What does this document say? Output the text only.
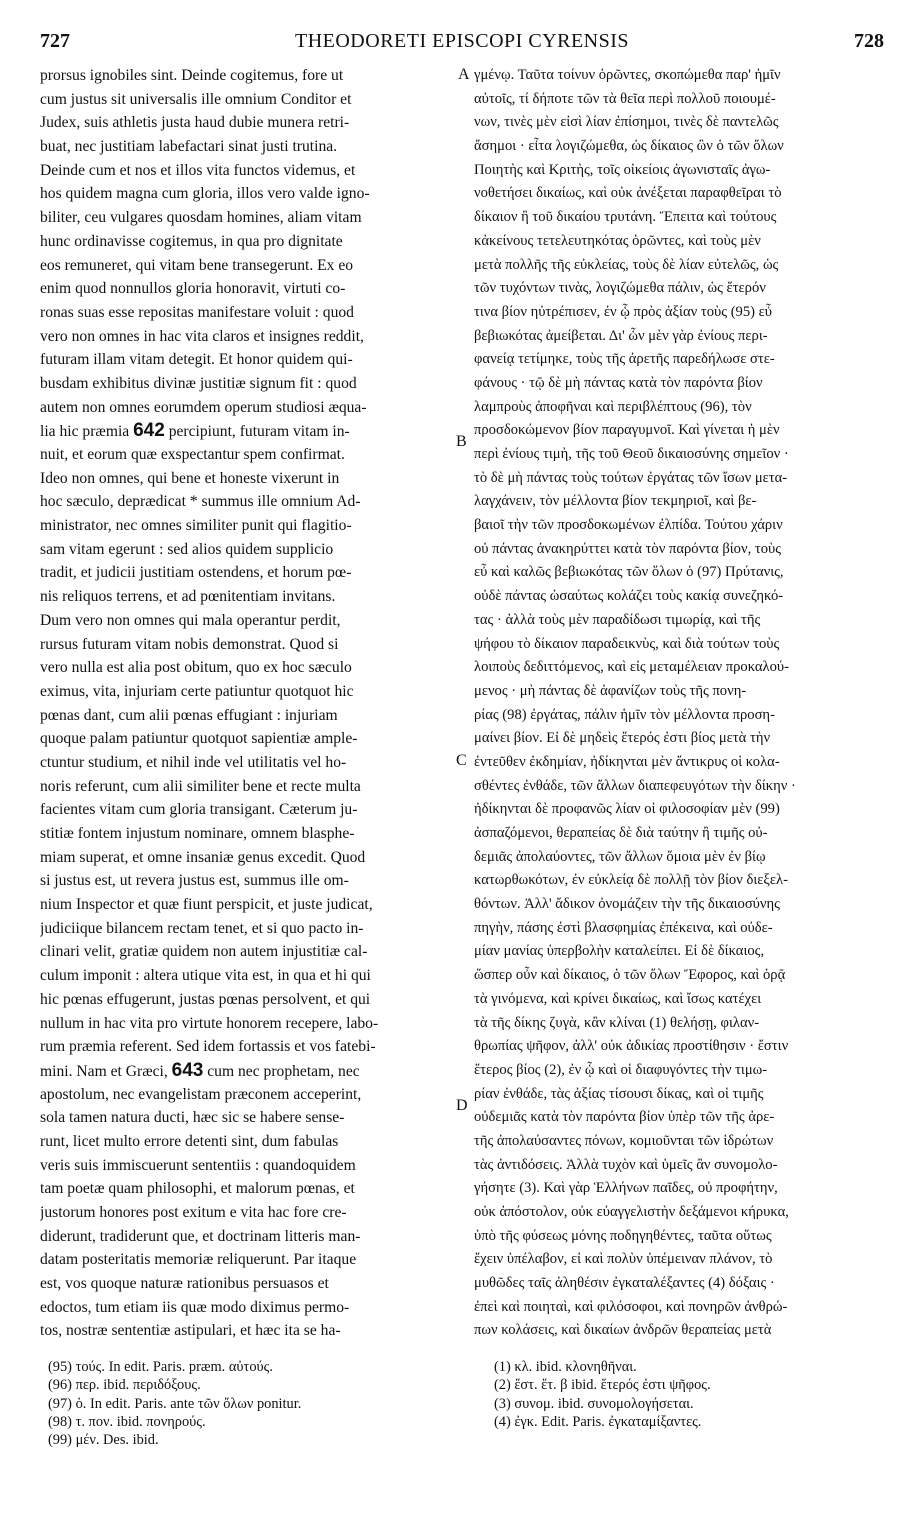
727	THEODORETI EPISCOPI CYRENSIS	728
prorsus ignobiles sint. Deinde cogitemus, fore ut
cum justus sit universalis ille omnium Conditor et
Judex, suis athletis justa haud dubie munera retri-
buat, nec justitiam labefactari sinat justi trutina.
Deinde cum et nos et illos vita functos videmus, et
hos quidem magna cum gloria, illos vero valde igno-
biliter, ceu vulgares quosdam homines, aliam vitam
hunc ordinavisse cogitemus, in qua pro dignitate
eos remuneret, qui vitam bene transegerunt. Ex eo
enim quod nonnullos gloria honoravit, virtuti co-
ronas suas esse repositas manifestare voluit : quod
vero non omnes in hac vita claros et insignes reddit,
futuram illam vitam detegit. Et honor quidem qui-
busdam exhibitus divinæ justitiæ signum fit : quod
autem non omnes eorumdem operum studiosi æqua-
lia hic præmia 642 percipiunt, futuram vitam in-
nuit, et eorum quæ exspectantur spem confirmat.
Ideo non omnes, qui bene et honeste vixerunt in
hoc sæculo, deprædicat * summus ille omnium Ad-
ministrator, nec omnes similiter punit qui flagitio-
sam vitam egerunt : sed alios quidem supplicio
tradit, et judicii justitiam ostendens, et horum pœ-
nis reliquos terrens, et ad pœnitentiam invitans.
Dum vero non omnes qui mala operantur perdit,
rursus futuram vitam nobis demonstrat. Quod si
vero nulla est alia post obitum, quo ex hoc sæculo
eximus, vita, injuriam certe patiuntur quotquot hic
pœnas dant, cum alii pœnas effugiant : injuriam
quoque palam patiuntur quotquot sapientiæ ample-
ctuntur studium, et nihil inde vel utilitatis vel ho-
noris referunt, cum alii similiter bene et recte multa
facientes vitam cum gloria transigant. Cæterum ju-
stitiæ fontem injustum nominare, omnem blasphe-
miam superat, et omne insaniæ genus excedit. Quod
si justus est, ut revera justus est, summus ille om-
nium Inspector et quæ fiunt perspicit, et juste judicat,
judiciique bilancem rectam tenet, et si quo pacto in-
clinari velit, gratiæ quidem non autem injustitiæ cal-
culum imponit : altera utique vita est, in qua et hi qui
hic pœnas effugerunt, justas pœnas persolvent, et qui
nullum in hac vita pro virtute honorem recepere, labo-
rum præmia referent. Sed idem fortassis et vos fatebi-
mini. Nam et Græci, 643 cum nec prophetam, nec
apostolum, nec evangelistam præconem acceperint,
sola tamen natura ducti, hæc sic se habere sense-
runt, licet multo errore detenti sint, dum fabulas
veris suis immiscuerunt sententiis : quandoquidem
tam poetæ quam philosophi, et malorum pœnas, et
justorum honores post exitum e vita hac fore cre-
diderunt, tradiderunt que, et doctrinam litteris man-
datam posteritatis memoriæ reliquerunt. Par itaque
est, vos quoque naturæ rationibus persuasos et
edoctos, tum etiam iis quæ modo diximus permo-
tos, nostræ sententiæ astipulari, et hæc ita se ha-
γμένῳ. Ταῦτα τοίνυν ὁρῶντες, σκοπώμεθα παρ' ἡμῖν
αὐτοῖς, τί δήποτε τῶν τὰ θεῖα περὶ πολλοῦ ποιουμέ-
νων, τινὲς μὲν εἰσὶ λίαν ἐπίσημοι, τινὲς δὲ παντελῶς
ἄσημοι · εἶτα λογιζώμεθα, ὡς δίκαιος ὢν ὁ τῶν ὅλων
Ποιητὴς καὶ Κριτὴς, τοῖς οἰκείοις ἀγωνισταῖς ἀγω-
νοθετήσει δικαίως, καὶ οὐκ ἀνέξεται παραφθεῖραι τὸ
δίκαιον ἢ τοῦ δικαίου τρυτάνη. Ἔπειτα καὶ τούτους
κἀκείνους τετελευτηκότας ὁρῶντες, καὶ τοὺς μὲν
μετὰ πολλῆς τῆς εὐκλείας, τοὺς δὲ λίαν εὐτελῶς, ὡς
τῶν τυχόντων τινὰς, λογιζώμεθα πάλιν, ὡς ἕτερόν
τινα βίον ηὐτρέπισεν, ἐν ᾧ πρὸς ἀξίαν τοὺς (95) εὖ
βεβιωκότας ἀμείβεται. Δι' ὧν μὲν γὰρ ἐνίους περι-
φανείᾳ τετίμηκε, τοὺς τῆς ἀρετῆς παρεδήλωσε στε-
φάνους · τῷ δὲ μὴ πάντας κατὰ τὸν παρόντα βίον
λαμπροὺς ἀποφῆναι καὶ περιβλέπτους (96), τὸν
προσδοκώμενον βίον παραγυμνοῖ. Καὶ γίνεται ἡ μὲν
περὶ ἐνίους τιμὴ, τῆς τοῦ Θεοῦ δικαιοσύνης σημεῖον ·
τὸ δὲ μὴ πάντας τοὺς τούτων ἐργάτας τῶν ἴσων μετα-
λαγχάνειν, τὸν μέλλοντα βίον τεκμηριοῖ, καὶ βε-
βαιοῖ τὴν τῶν προσδοκωμένων ἐλπίδα. Τούτου χάριν
οὐ πάντας ἀνακηρύττει κατὰ τὸν παρόντα βίον, τοὺς
εὖ καὶ καλῶς βεβιωκότας τῶν ὅλων ὁ (97) Πρύτανις,
οὐδὲ πάντας ὡσαύτως κολάζει τοὺς κακίᾳ συνεζηκό-
τας · ἀλλὰ τοὺς μὲν παραδίδωσι τιμωρίᾳ, καὶ τῆς
ψήφου τὸ δίκαιον παραδεικνὺς, καὶ διὰ τούτων τοὺς
λοιποὺς δεδιττόμενος, καὶ εἰς μεταμέλειαν προκαλού-
μενος · μὴ πάντας δὲ ἀφανίζων τοὺς τῆς πονη-
ρίας (98) ἐργάτας, πάλιν ἡμῖν τὸν μέλλοντα προση-
μαίνει βίον. Εἰ δὲ μηδεὶς ἕτερός ἐστι βίος μετὰ τὴν
ἐντεῦθεν ἐκδημίαν, ἠδίκηνται μὲν ἄντικρυς οἱ κολα-
σθέντες ἐνθάδε, τῶν ἄλλων διαπεφευγότων τὴν δίκην ·
ἠδίκηνται δὲ προφανῶς λίαν οἱ φιλοσοφίαν μὲν (99)
ἀσπαζόμενοι, θεραπείας δὲ διὰ ταύτην ἢ τιμῆς οὐ-
δεμιᾶς ἀπολαύοντες, τῶν ἄλλων ὅμοια μὲν ἐν βίῳ
κατωρθωκότων, ἐν εὐκλείᾳ δὲ πολλῇ τὸν βίον διεξελ-
θόντων. Ἀλλ' ἄδικον ὀνομάζειν τὴν τῆς δικαιοσύνης
πηγὴν, πάσης ἐστὶ βλασφημίας ἐπέκεινα, καὶ οὐδε-
μίαν μανίας ὑπερβολὴν καταλείπει. Εἰ δὲ δίκαιος,
ὥσπερ οὖν καὶ δίκαιος, ὁ τῶν ὅλων Ἔφορος, καὶ ὁρᾷ
τὰ γινόμενα, καὶ κρίνει δικαίως, καὶ ἴσως κατέχει
τὰ τῆς δίκης ζυγὰ, κἂν κλίναι (1) θελήσῃ, φιλαν-
θρωπίας ψῆφον, ἀλλ' οὐκ ἀδικίας προστίθησιν · ἔστιν
ἕτερος βίος (2), ἐν ᾧ καὶ οἱ διαφυγόντες τὴν τιμω-
ρίαν ἐνθάδε, τὰς ἀξίας τίσουσι δίκας, καὶ οἱ τιμῆς
οὐδεμιᾶς κατὰ τὸν παρόντα βίον ὑπὲρ τῶν τῆς ἀρε-
τῆς ἀπολαύσαντες πόνων, κομιοῦνται τῶν ἱδρώτων
τὰς ἀντιδόσεις. Ἀλλὰ τυχὸν καὶ ὑμεῖς ἂν συνομολο-
γήσητε (3). Καὶ γὰρ Ἑλλήνων παῖδες, οὐ προφήτην,
οὐκ ἀπόστολον, οὐκ εὐαγγελιστὴν δεξάμενοι κήρυκα,
ὑπὸ τῆς φύσεως μόνης ποδηγηθέντες, ταῦτα οὕτως
ἔχειν ὑπέλαβον, εἰ καὶ πολὺν ὑπέμειναν πλάνον, τὸ
μυθῶδες ταῖς ἀληθέσιν ἐγκαταλέξαντες (4) δόξαις ·
ἐπεὶ καὶ ποιηταὶ, καὶ φιλόσοφοι, καὶ πονηρῶν ἀνθρώ-
πων κολάσεις, καὶ δικαίων ἀνδρῶν θεραπείας μετὰ
A
B
C
D
(95) τούς. In edit. Paris. præm. αὐτούς.
(96) περ. ibid. περιδόξους.
(97) ὁ. In edit. Paris. ante τῶν ὅλων ponitur.
(98) τ. πον. ibid. πονηρούς.
(99) μέν. Des. ibid.
(1) κλ. ibid. κλονηθῆναι.
(2) ἕστ. ἕτ. β ibid. ἕτερός ἐστι ψῆφος.
(3) συνομ. ibid. συνομολογήσεται.
(4) ἐγκ. Edit. Paris. ἐγκαταμίξαντες.
